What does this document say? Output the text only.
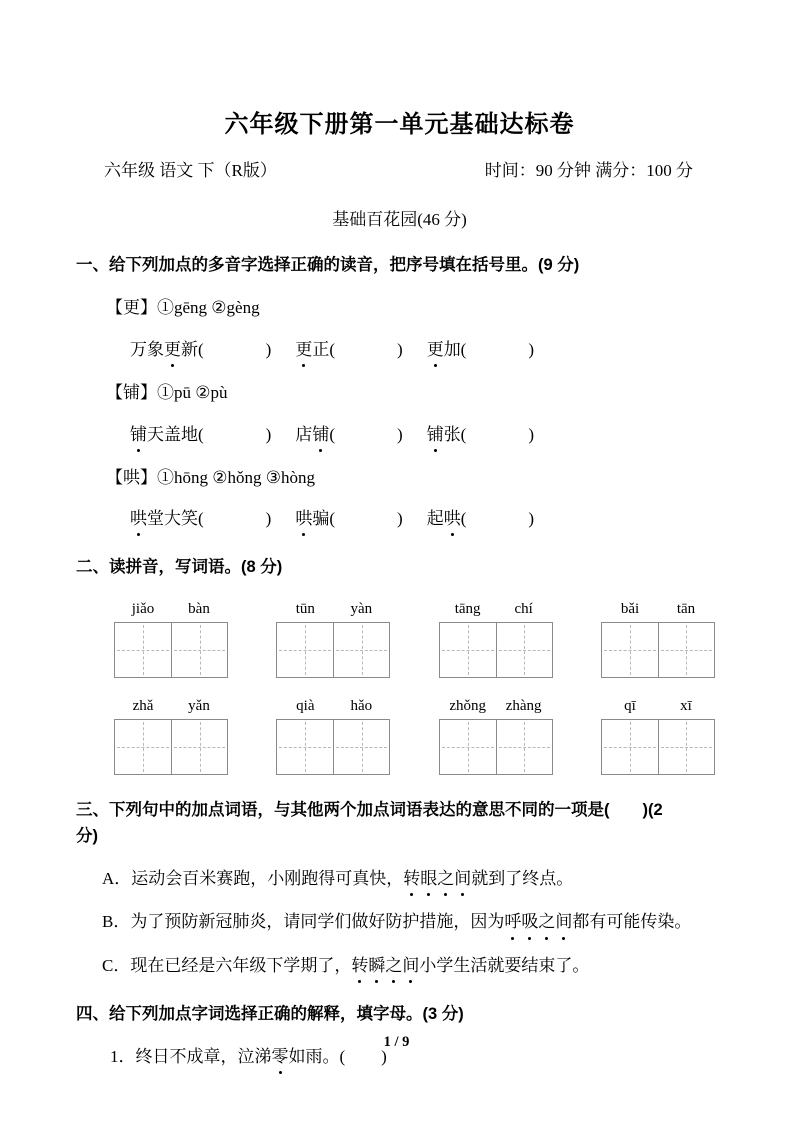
六年级下册第一单元基础达标卷
六年级 语文 下（R版）	时间：90 分钟 满分：100 分
基础百花园(46 分)
一、给下列加点的多音字选择正确的读音，把序号填在括号里。(9 分)
【更】①gēng ②gèng
万象更新(	) 更正(	) 更加(	)
【铺】①pū ②pù
铺天盖地(	) 店铺(	) 铺张(	)
【哄】①hōng ②hǒng ③hòng
哄堂大笑(	) 哄骗(	) 起哄(	)
二、读拼音，写词语。(8 分)
jiǎo	bàn	tūn	yàn	tāng	chí	bǎi	tān
zhǎ	yǎn	qià	hǎo	zhǒng	zhàng	qī	xī
三、下列句中的加点词语，与其他两个加点词语表达的意思不同的一项是(　　)(2
分)
A．运动会百米赛跑，小刚跑得可真快，转眼之间就到了终点。
B．为了预防新冠肺炎，请同学们做好防护措施，因为呼吸之间都有可能传染。
C．现在已经是六年级下学期了，转瞬之间小学生活就要结束了。
四、给下列加点字词选择正确的解释，填字母。(3 分)
1．终日不成章，泣涕零如雨。( )
1 / 9
